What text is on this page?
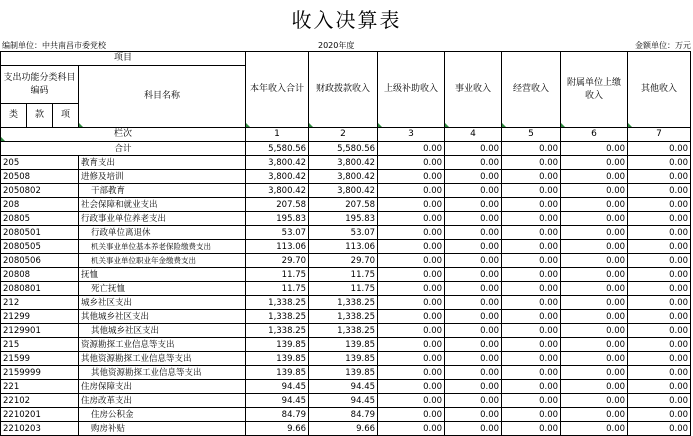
收入决算表
编制单位：中共南昌市委党校	2020年度	金额单位：万元
项目				本年收入合计	财政拨款收入	上级补助收入	事业收入	经营收入	附属单位上缴收入	其他收入
支出功能分类科目编码			科目名称							
类	款	项								
栏次				1	2	3	4	5	6	7
合计				5,580.56	5,580.56	0.00	0.00	0.00	0.00	0.00
205			教育支出	3,800.42	3,800.42	0.00	0.00	0.00	0.00	0.00
20508			进修及培训	3,800.42	3,800.42	0.00	0.00	0.00	0.00	0.00
2050802			干部教育	3,800.42	3,800.42	0.00	0.00	0.00	0.00	0.00
208			社会保障和就业支出	207.58	207.58	0.00	0.00	0.00	0.00	0.00
20805			行政事业单位养老支出	195.83	195.83	0.00	0.00	0.00	0.00	0.00
2080501			行政单位离退休	53.07	53.07	0.00	0.00	0.00	0.00	0.00
2080505			机关事业单位基本养老保险缴费支出	113.06	113.06	0.00	0.00	0.00	0.00	0.00
2080506			机关事业单位职业年金缴费支出	29.70	29.70	0.00	0.00	0.00	0.00	0.00
20808			抚恤	11.75	11.75	0.00	0.00	0.00	0.00	0.00
2080801			死亡抚恤	11.75	11.75	0.00	0.00	0.00	0.00	0.00
212			城乡社区支出	1,338.25	1,338.25	0.00	0.00	0.00	0.00	0.00
21299			其他城乡社区支出	1,338.25	1,338.25	0.00	0.00	0.00	0.00	0.00
2129901			其他城乡社区支出	1,338.25	1,338.25	0.00	0.00	0.00	0.00	0.00
215			资源勘探工业信息等支出	139.85	139.85	0.00	0.00	0.00	0.00	0.00
21599			其他资源勘探工业信息等支出	139.85	139.85	0.00	0.00	0.00	0.00	0.00
2159999			其他资源勘探工业信息等支出	139.85	139.85	0.00	0.00	0.00	0.00	0.00
221			住房保障支出	94.45	94.45	0.00	0.00	0.00	0.00	0.00
22102			住房改革支出	94.45	94.45	0.00	0.00	0.00	0.00	0.00
2210201			住房公积金	84.79	84.79	0.00	0.00	0.00	0.00	0.00
2210203			购房补贴	9.66	9.66	0.00	0.00	0.00	0.00	0.00
